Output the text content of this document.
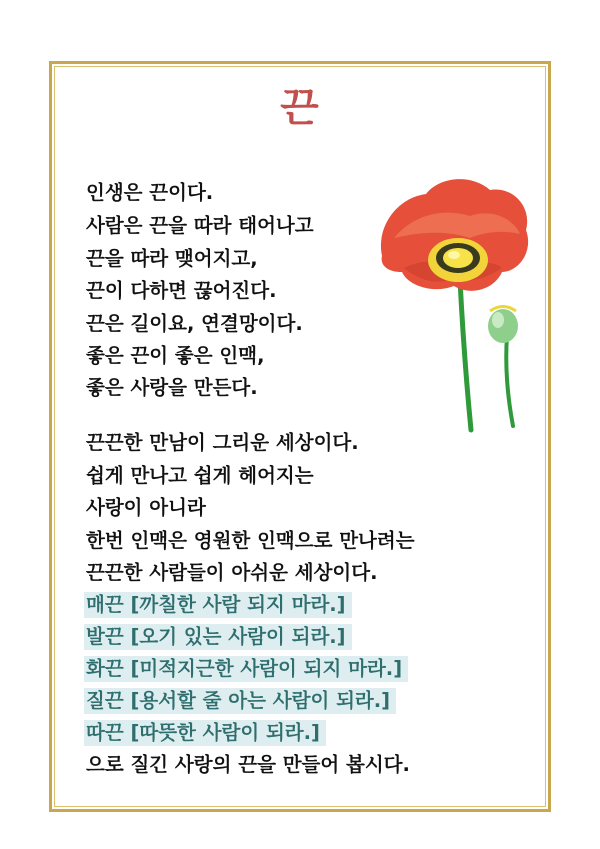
끈
인생은 끈이다.
사람은 끈을 따라 태어나고
끈을 따라 맺어지고,
끈이 다하면 끊어진다.
끈은 길이요, 연결망이다.
좋은 끈이 좋은 인맥,
좋은 사랑을 만든다.
끈끈한 만남이 그리운 세상이다.
쉽게 만나고 쉽게 헤어지는
사랑이 아니라
한번 인맥은 영원한 인맥으로 만나려는
끈끈한 사람들이 아쉬운 세상이다.
매끈 [까칠한 사람 되지 마라.]
발끈 [오기 있는 사람이 되라.]
화끈 [미적지근한 사람이 되지 마라.]
질끈 [용서할 줄 아는 사람이 되라.]
따끈 [따뜻한 사람이 되라.]
으로 질긴 사랑의 끈을 만들어 봅시다.
